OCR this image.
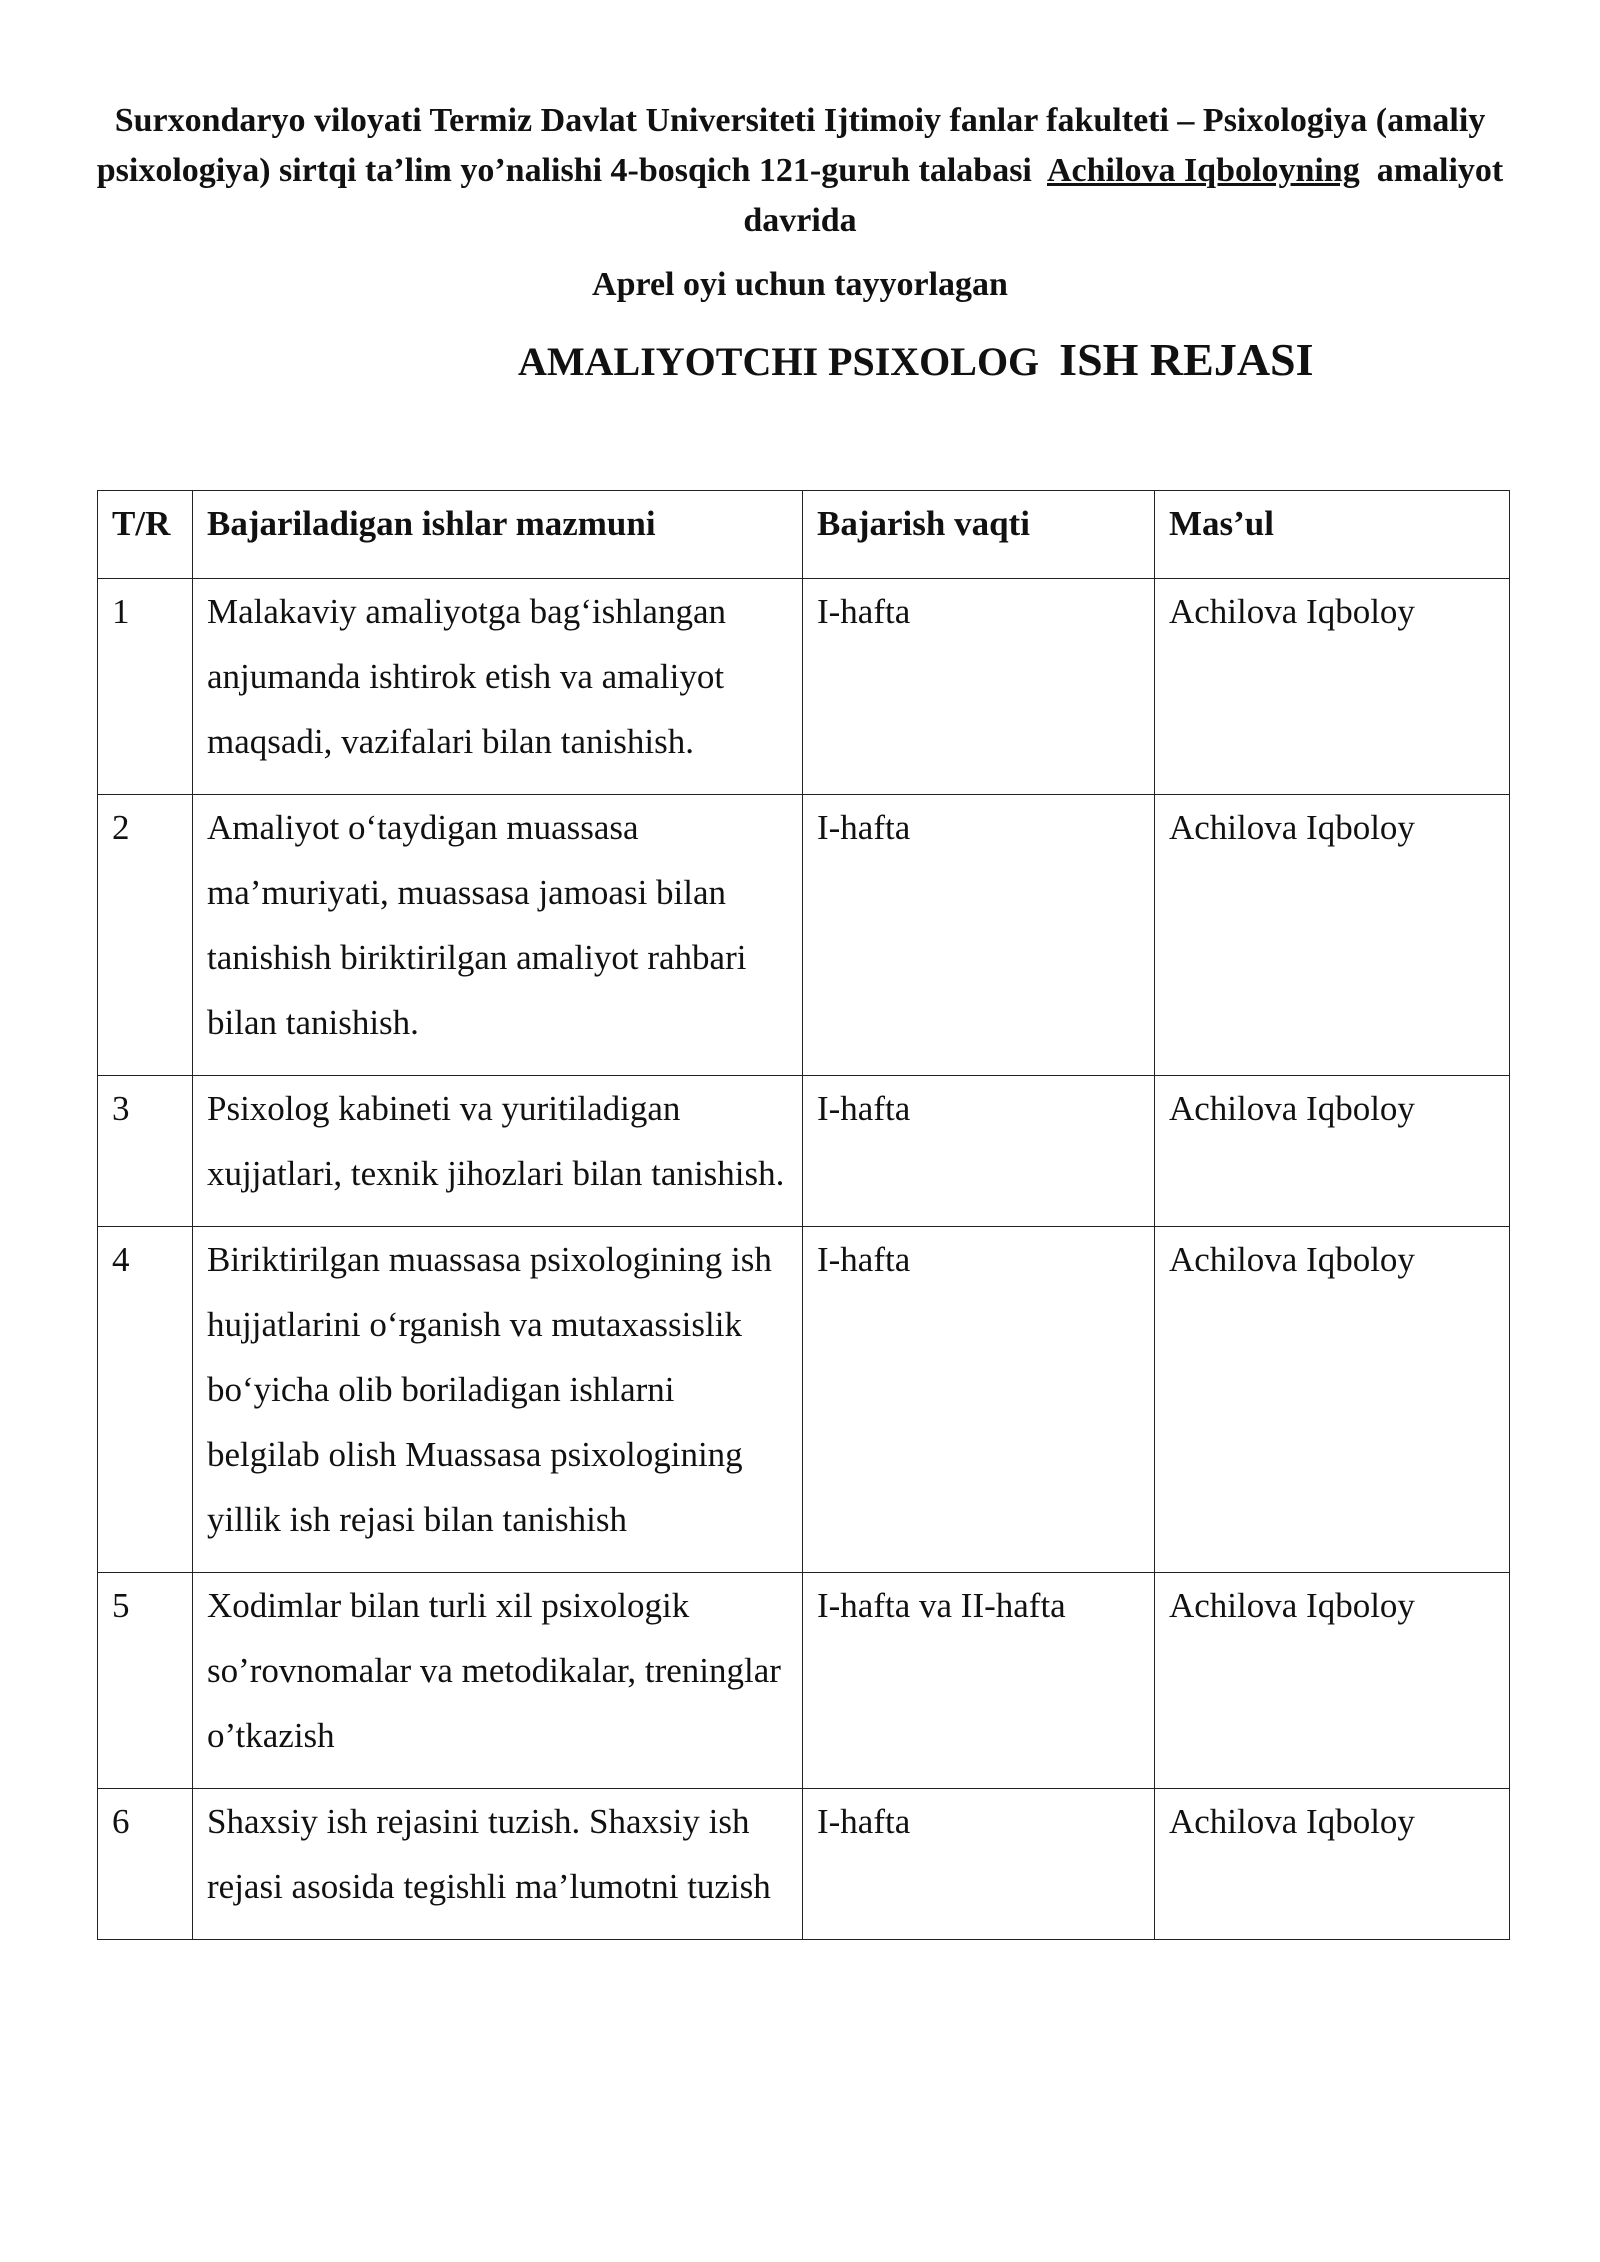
Surxondaryo viloyati Termiz Davlat Universiteti Ijtimoiy fanlar fakulteti – Psixologiya (amaliy psixologiya) sirtqi ta’lim yo’nalishi 4-bosqich 121-guruh talabasi Achilova Iqboloyning amaliyot davrida
Aprel oyi uchun tayyorlagan
AMALIYOTCHI PSIXOLOG ISH REJASI
T/R	Bajariladigan ishlar mazmuni	Bajarish vaqti	Mas’ul
1	Malakaviy amaliyotga bag‘ishlangan anjumanda ishtirok etish va amaliyot maqsadi, vazifalari bilan tanishish.	I-hafta	Achilova Iqboloy
2	Amaliyot o‘taydigan muassasa ma’muriyati, muassasa jamoasi bilan tanishish biriktirilgan amaliyot rahbari bilan tanishish.	I-hafta	Achilova Iqboloy
3	Psixolog kabineti va yuritiladigan xujjatlari, texnik jihozlari bilan tanishish.	I-hafta	Achilova Iqboloy
4	Biriktirilgan muassasa psixologining ish hujjatlarini o‘rganish va mutaxassislik bo‘yicha olib boriladigan ishlarni belgilab olish Muassasa psixologining yillik ish rejasi bilan tanishish	I-hafta	Achilova Iqboloy
5	Xodimlar bilan turli xil psixologik so’rovnomalar va metodikalar, treninglar o’tkazish	I-hafta va II-hafta	Achilova Iqboloy
6	Shaxsiy ish rejasini tuzish. Shaxsiy ish rejasi asosida tegishli ma’lumotni tuzish	I-hafta	Achilova Iqboloy
